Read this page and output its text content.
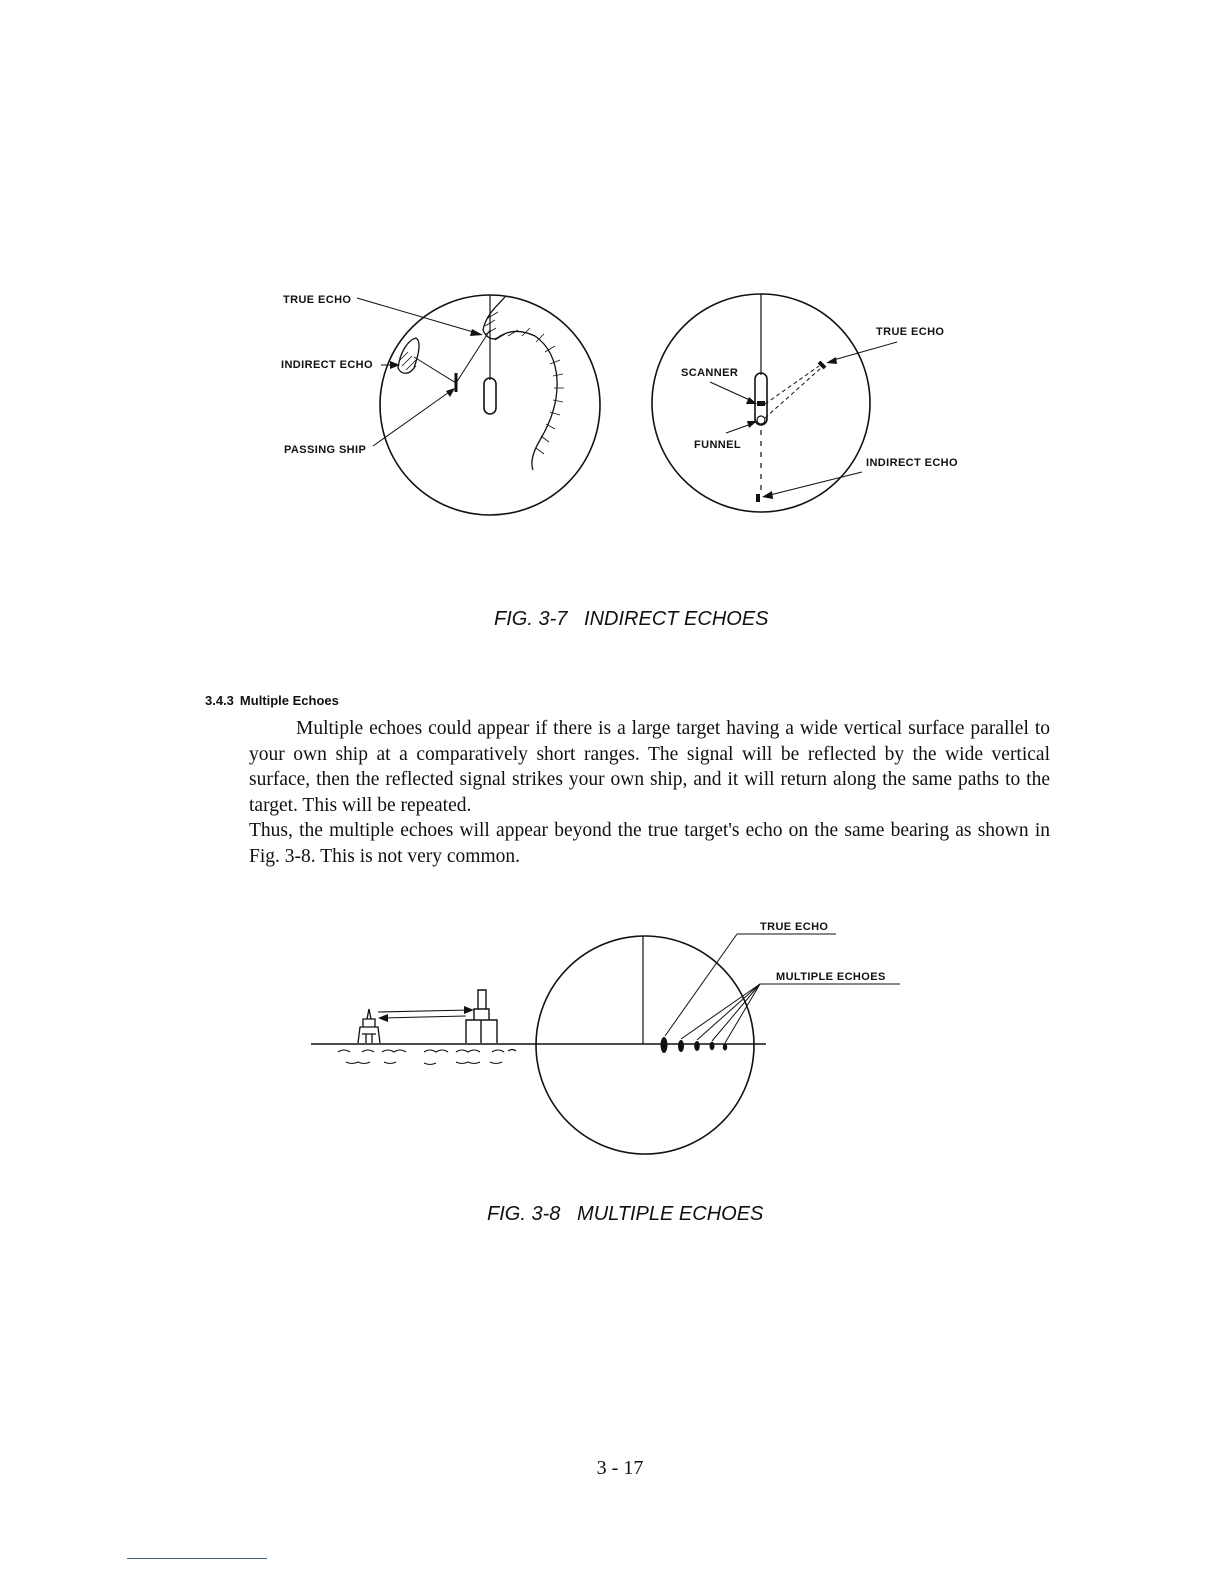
TRUE ECHO
INDIRECT ECHO
PASSING SHIP
TRUE ECHO
SCANNER
FUNNEL
INDIRECT ECHO
FIG. 3-7 INDIRECT ECHOES
3.4.3 Multiple Echoes

Multiple echoes could appear if there is a large target having a wide vertical surface parallel to your own ship at a comparatively short ranges. The signal will be reflected by the wide vertical surface, then the reflected signal strikes your own ship, and it will return along the same paths to the target. This will be repeated.

Thus, the multiple echoes will appear beyond the true target's echo on the same bearing as shown in Fig. 3-8. This is not very common.

TRUE ECHO
MULTIPLE ECHOES
FIG. 3-8 MULTIPLE ECHOES
3 - 17
